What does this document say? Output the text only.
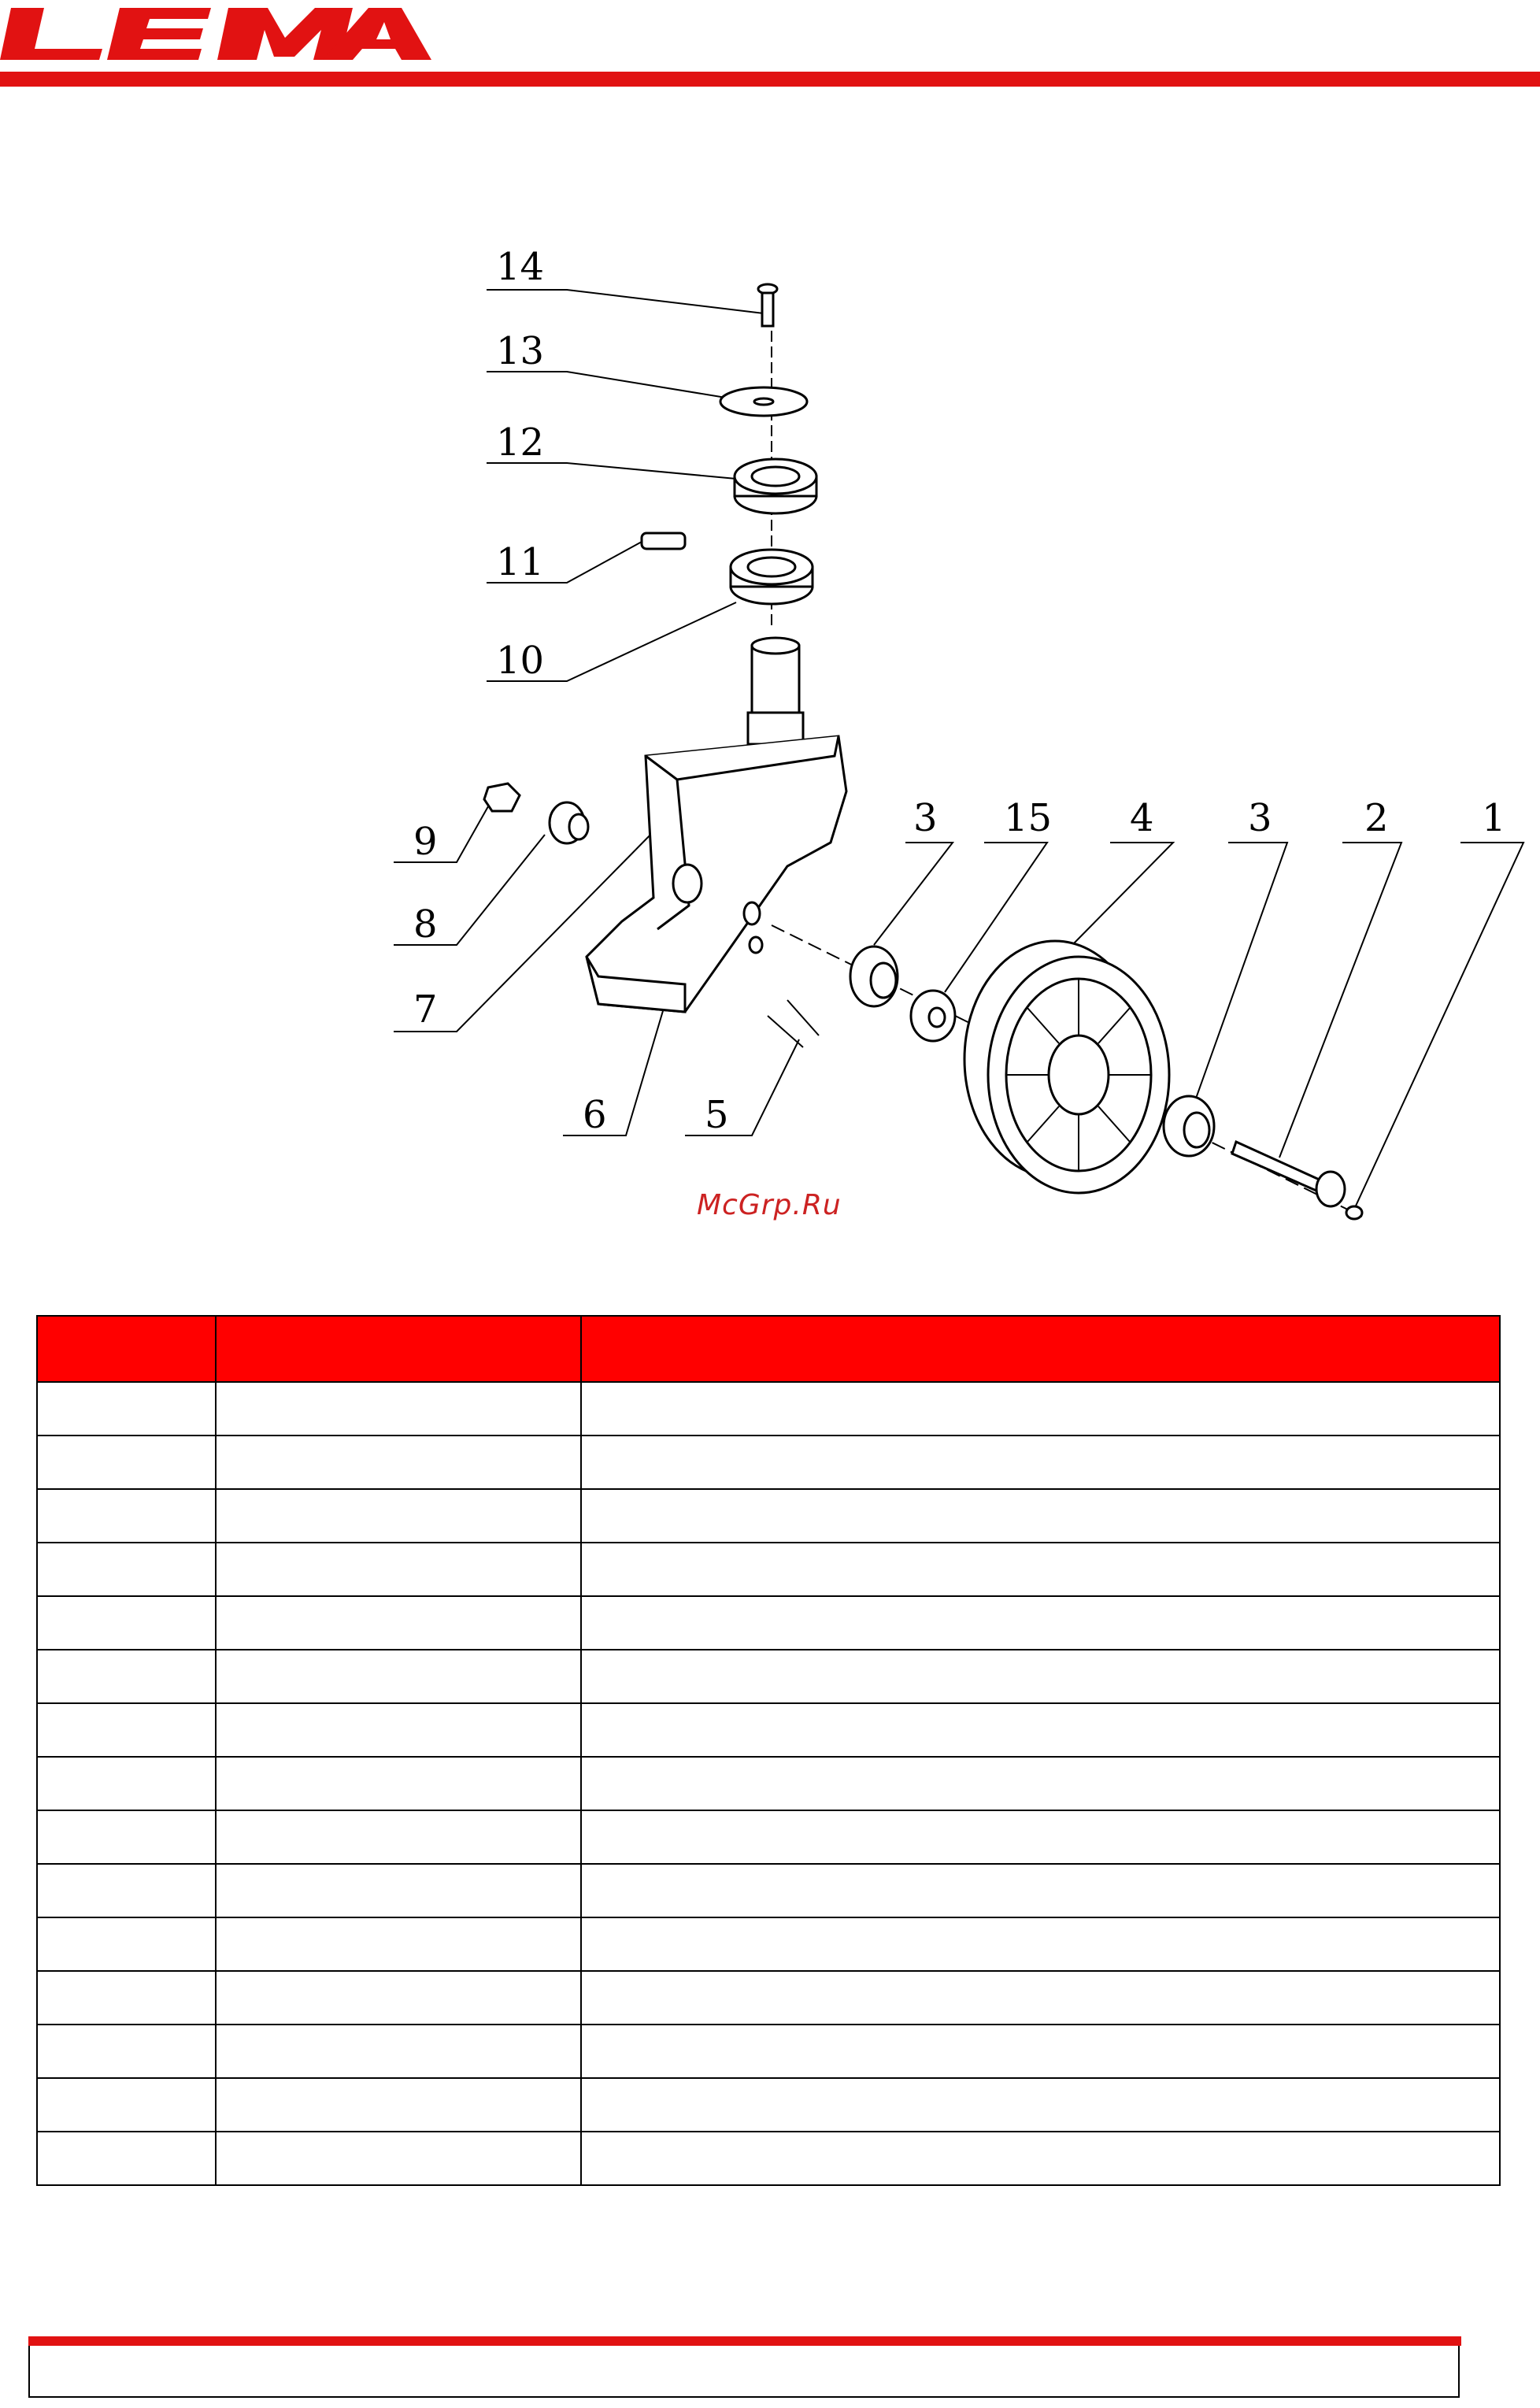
14
13
12
11
10
9
8
7
6	5
3 15 4 3 2 1
McGrp.Ru
